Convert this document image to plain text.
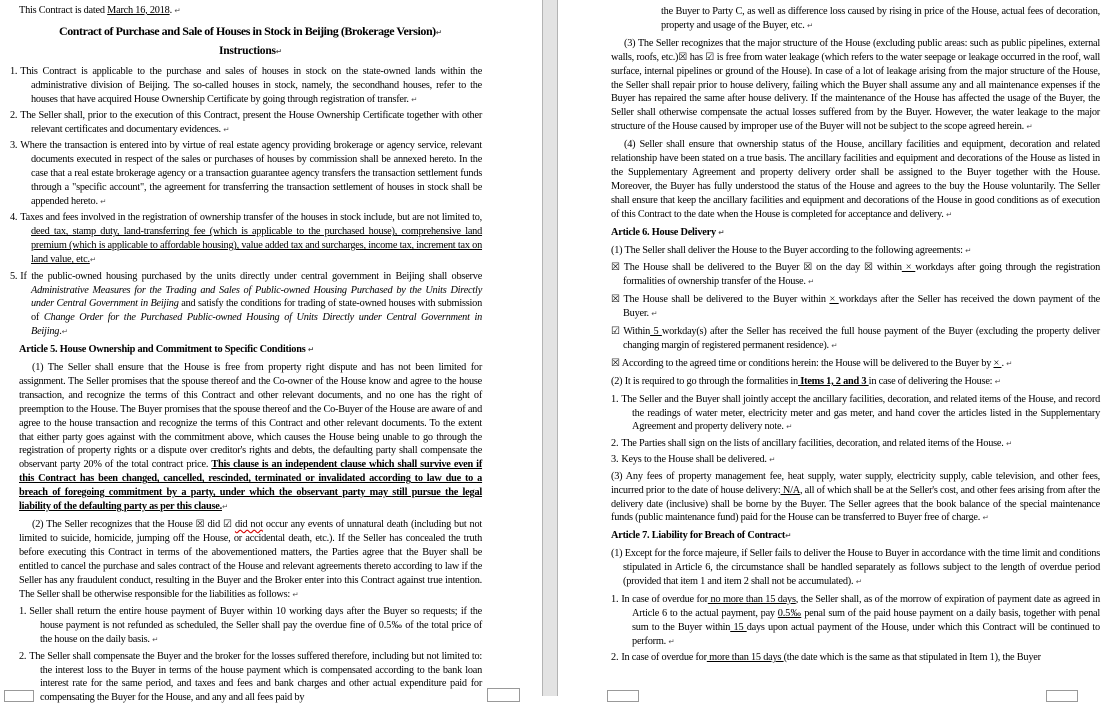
This Contract is dated March 16, 2018. ↵

Contract of Purchase and Sale of Houses in Stock in Beijing (Brokerage Version)↵
Instructions↵

1. This Contract is applicable to the purchase and sales of houses in stock on the state-owned lands within the administrative division of Beijing. The so-called houses in stock, namely, the secondhand houses, refer to the houses that have acquired House Ownership Certificate by going through registration of transfer. ↵

2. The Seller shall, prior to the execution of this Contract, present the House Ownership Certificate together with other relevant certificates and documentary evidences. ↵

3. Where the transaction is entered into by virtue of real estate agency providing brokerage or agency service, relevant documents executed in respect of the sales or purchases of houses by commission shall be annexed hereto. In the case that a real estate brokerage agency or a transaction guarantee agency transfers the transaction settlement funds through a "specific account", the agreement for transferring the transaction settlement of houses in stock shall be appended hereto. ↵

4. Taxes and fees involved in the registration of ownership transfer of the houses in stock include, but are not limited to, deed tax, stamp duty, land-transferring fee (which is applicable to the purchased house), comprehensive land premium (which is applicable to affordable housing), value added tax and surcharges, income tax, increment tax on land value, etc.↵

5. If the public-owned housing purchased by the units directly under central government in Beijing shall observe Administrative Measures for the Trading and Sales of Public-owned Housing Purchased by the Units Directly under Central Government in Beijing and satisfy the conditions for trading of state-owned houses with submission of Change Order for the Purchased Public-owned Housing of Units Directly under Central Government in Beijing.↵

Article 5. House Ownership and Commitment to Specific Conditions ↵

(1) The Seller shall ensure that the House is free from property right dispute and has not been limited for assignment. The Seller promises that the spouse thereof and the Co-owner of the House know and agree to the house transaction, and recognize the terms of this Contract and other relevant documents, and no one has the right of preemption to the House. The Buyer promises that the spouse thereof and the Co-Buyer of the House are aware of and agree to the house transaction and recognize the terms of this Contract and other relevant documents. To the extent that either party goes against with the commitment above, which causes the House being unable to go through the registration of property rights or a dispute over creditor's rights and debts, the defaulting party shall compensate the observant party 20% of the total contract price. This clause is an independent clause which shall survive even if this Contract has been changed, cancelled, rescinded, terminated or invalidated according to law due to a breach of foregoing commitment by a party, under which the observant party may still pursue the legal liability of the defaulting party as per this clause.↵

(2) The Seller recognizes that the House ☒ did ☑ did not occur any events of unnatural death (including but not limited to suicide, homicide, jumping off the House, or accidental death, etc.). If the Seller has concealed the truth before executing this Contract in terms of the abovementioned matters, the Parties agree that the Buyer shall be entitled to cancel the purchase and sales contract of the House and relevant agreements thereto according to law if the Seller has any fraudulent conduct, resulting in the Buyer and the Broker enter into this Contract against true intention. The Seller shall be otherwise responsible for the liabilities as follows: ↵

1. Seller shall return the entire house payment of Buyer within 10 working days after the Buyer so requests; if the house payment is not refunded as scheduled, the Seller shall pay the overdue fine of 0.5‰ of the total price of the house on the daily basis. ↵

2. The Seller shall compensate the Buyer and the broker for the losses suffered therefore, including but not limited to: the interest loss to the Buyer in terms of the house payment which is compensated according to the bank loan interest rate for the same period, and taxes and fees and bank charges and other actual expenditure paid for compensating the Buyer for the House, and any and all fees paid by

the Buyer to Party C, as well as difference loss caused by rising in price of the House, actual fees of decoration, property and usage of the Buyer, etc. ↵

(3) The Seller recognizes that the major structure of the House (excluding public areas: such as public pipelines, external walls, roofs, etc.)☒ has ☑ is free from water leakage (which refers to the water seepage or leakage occurred in the roof, wall surface, internal pipelines or ground of the House). In case of a lot of leakage arising from the major structure of the House, the Seller shall repair prior to house delivery, failing which the Buyer shall assume any and all maintenance expenses if the Buyer has repaired the same after house delivery. If the maintenance of the House has affected the usage of the Buyer, the Seller shall otherwise compensate the actual losses suffered from by the Buyer. However, the water leakage to the major structure of the House caused by improper use of the Buyer will not be subject to the scope agreed herein. ↵

(4) Seller shall ensure that ownership status of the House, ancillary facilities and equipment, decoration and related relationship have been stated on a true basis. The ancillary facilities and equipment and decorations of the House as listed in the Supplementary Agreement and property delivery order shall be assigned to the Buyer together with the House. Moreover, the Buyer has fully understood the status of the House and agrees to the buy the House voluntarily. The Seller shall ensure that keep the ancillary facilities and equipment and decorations of the House in good conditions as of execution of this Contract to the date when the House is completed for acceptance and delivery. ↵

Article 6. House Delivery ↵

(1) The Seller shall deliver the House to the Buyer according to the following agreements: ↵

☒ The House shall be delivered to the Buyer ☒ on the day ☒ within × workdays after going through the registration formalities of ownership transfer of the House. ↵

☒ The House shall be delivered to the Buyer within × workdays after the Seller has received the down payment of the Buyer. ↵

☑ Within 5 workday(s) after the Seller has received the full house payment of the Buyer (excluding the property deliver changing margin of registered permanent residence). ↵

☒ According to the agreed time or conditions herein: the House will be delivered to the Buyer by × . ↵

(2) It is required to go through the formalities in Items 1, 2 and 3 in case of delivering the House: ↵

1. The Seller and the Buyer shall jointly accept the ancillary facilities, decoration, and related items of the House, and record the readings of water meter, electricity meter and gas meter, and hand cover the articles listed in the Supplementary Agreement and property delivery note. ↵

2. The Parties shall sign on the lists of ancillary facilities, decoration, and related items of the House. ↵

3. Keys to the House shall be delivered. ↵

(3) Any fees of property management fee, heat supply, water supply, electricity supply, cable television, and other fees, incurred prior to the date of house delivery: N/A, all of which shall be at the Seller's cost, and other fees arising from after the delivery date (inclusive) shall be borne by the Buyer. The Seller agrees that the book balance of the special maintenance funds (public maintenance fund) paid for the House can be transferred to Buyer free of charge. ↵

Article 7. Liability for Breach of Contract↵

(1) Except for the force majeure, if Seller fails to deliver the House to Buyer in accordance with the time limit and conditions stipulated in Article 6, the circumstance shall be handled separately as follows subject to the length of overdue period (provided that item 1 and item 2 shall not be accumulated). ↵

1. In case of overdue for no more than 15 days, the Seller shall, as of the morrow of expiration of payment date as agreed in Article 6 to the actual payment, pay 0.5‰ penal sum of the paid house payment on a daily basis, together with penal sum to the Buyer within 15 days upon actual payment of the House, under which this Contract will be continued to perform. ↵

2. In case of overdue for more than 15 days (the date which is the same as that stipulated in Item 1), the Buyer
